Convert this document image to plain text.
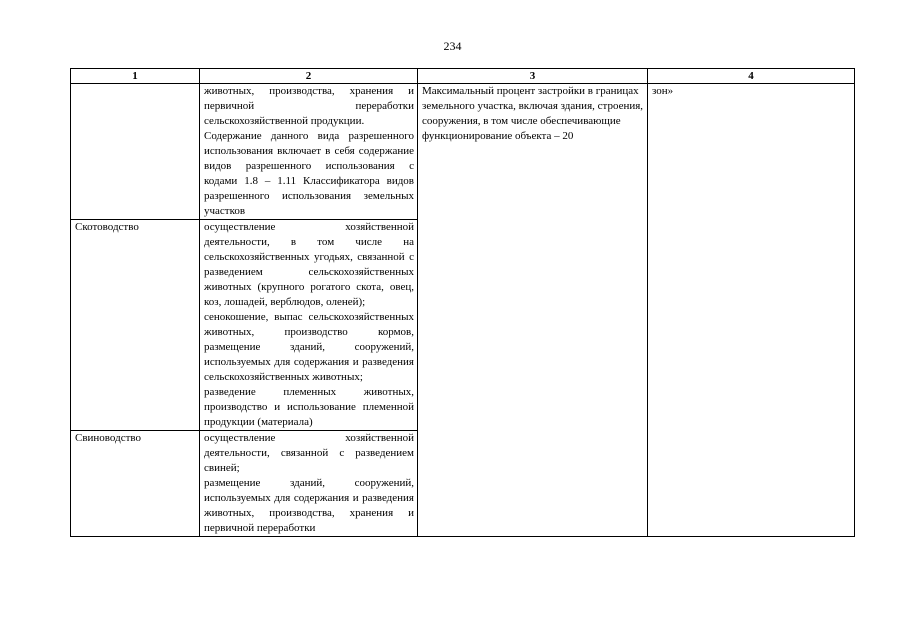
234
1	2	3	4

	животных, производства, хранения и первичной переработки сельскохозяйственной продукции.
Содержание данного вида разрешенного использования включает в себя содержание видов разрешенного использования с кодами 1.8 – 1.11 Классификатора видов разрешенного использования земельных участков	Максимальный процент застройки в границах земельного участка, включая здания, строения, сооружения, в том числе обеспечивающие функционирование объекта – 20	зон»

Скотоводство	осуществление хозяйственной деятельности, в том числе на сельскохозяйственных угодьях, связанной с разведением сельскохозяйственных животных (крупного рогатого скота, овец, коз, лошадей, верблюдов, оленей);
сенокошение, выпас сельскохозяйственных животных, производство кормов, размещение зданий, сооружений, используемых для содержания и разведения сельскохозяйственных животных;
разведение племенных животных, производство и использование племенной продукции (материала)		

Свиноводство	осуществление хозяйственной деятельности, связанной с разведением свиней;
размещение зданий, сооружений, используемых для содержания и разведения животных, производства, хранения и первичной переработки		
